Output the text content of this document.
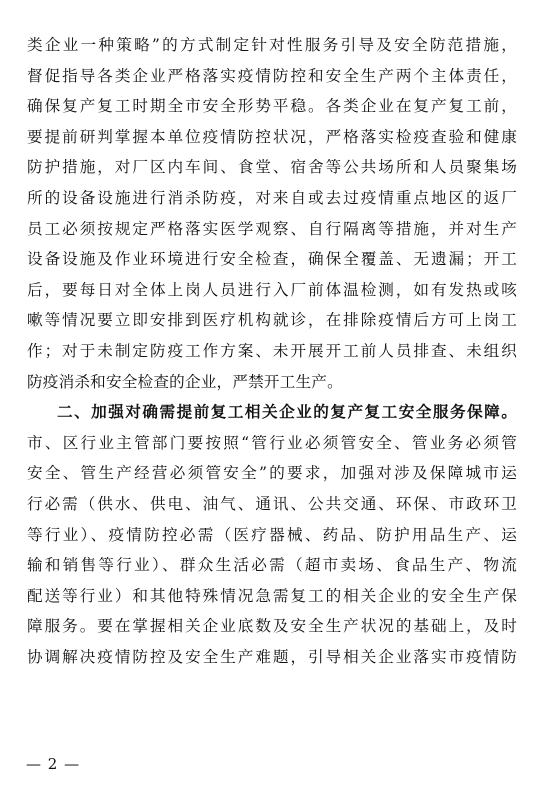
类企业一种策略”的方式制定针对性服务引导及安全防范措施，
督促指导各类企业严格落实疫情防控和安全生产两个主体责任，
确保复产复工时期全市安全形势平稳。各类企业在复产复工前，
要提前研判掌握本单位疫情防控状况，严格落实检疫查验和健康
防护措施，对厂区内车间、食堂、宿舍等公共场所和人员聚集场
所的设备设施进行消杀防疫，对来自或去过疫情重点地区的返厂
员工必须按规定严格落实医学观察、自行隔离等措施，并对生产
设备设施及作业环境进行安全检查，确保全覆盖、无遗漏；开工
后，要每日对全体上岗人员进行入厂前体温检测，如有发热或咳
嗽等情况要立即安排到医疗机构就诊，在排除疫情后方可上岗工
作；对于未制定防疫工作方案、未开展开工前人员排查、未组织
防疫消杀和安全检查的企业，严禁开工生产。
二、加强对确需提前复工相关企业的复产复工安全服务保障。
市、区行业主管部门要按照“管行业必须管安全、管业务必须管
安全、管生产经营必须管安全”的要求，加强对涉及保障城市运
行必需（供水、供电、油气、通讯、公共交通、环保、市政环卫
等行业）、疫情防控必需（医疗器械、药品、防护用品生产、运
输和销售等行业）、群众生活必需（超市卖场、食品生产、物流
配送等行业）和其他特殊情况急需复工的相关企业的安全生产保
障服务。要在掌握相关企业底数及安全生产状况的基础上，及时
协调解决疫情防控及安全生产难题，引导相关企业落实市疫情防
— 2 —
